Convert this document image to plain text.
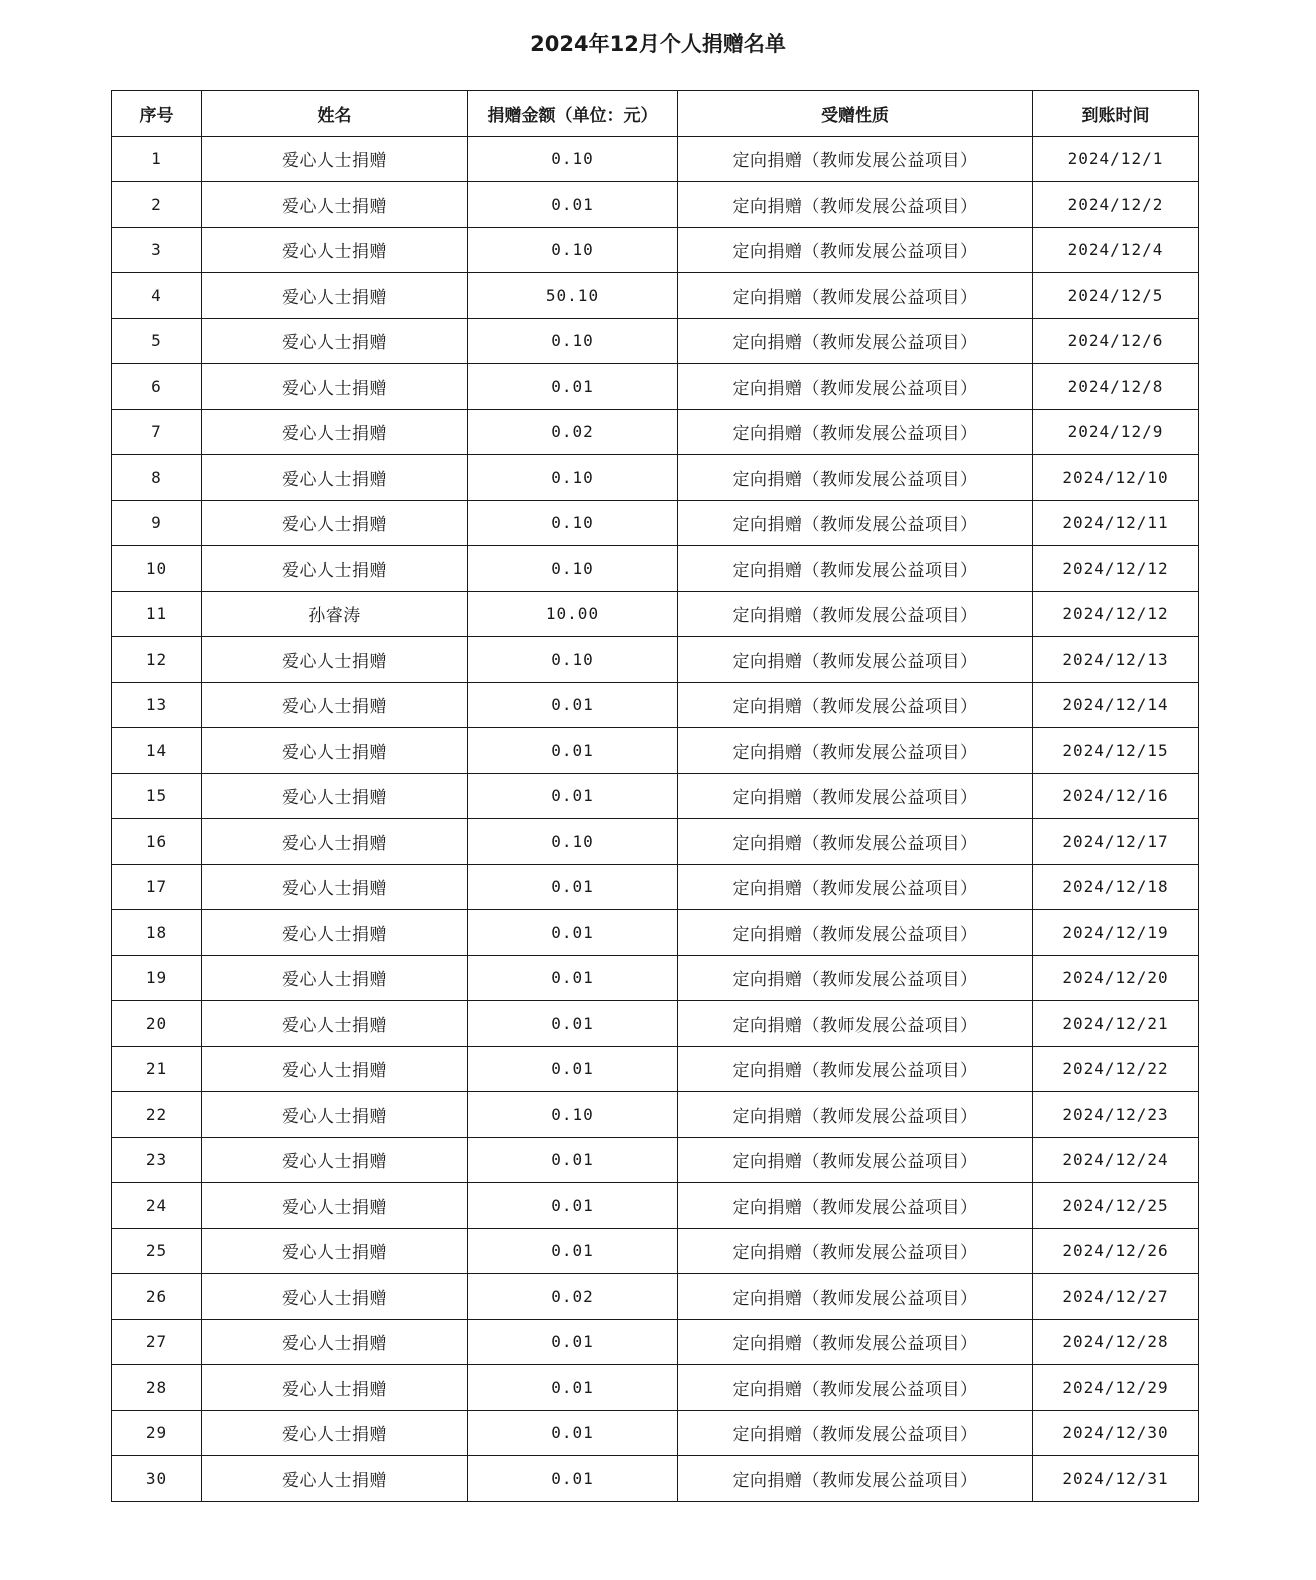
2024年12月个人捐赠名单
序号	姓名	捐赠金额（单位：元）	受赠性质	到账时间
1	爱心人士捐赠	0.10	定向捐赠（教师发展公益项目）	2024/12/1
2	爱心人士捐赠	0.01	定向捐赠（教师发展公益项目）	2024/12/2
3	爱心人士捐赠	0.10	定向捐赠（教师发展公益项目）	2024/12/4
4	爱心人士捐赠	50.10	定向捐赠（教师发展公益项目）	2024/12/5
5	爱心人士捐赠	0.10	定向捐赠（教师发展公益项目）	2024/12/6
6	爱心人士捐赠	0.01	定向捐赠（教师发展公益项目）	2024/12/8
7	爱心人士捐赠	0.02	定向捐赠（教师发展公益项目）	2024/12/9
8	爱心人士捐赠	0.10	定向捐赠（教师发展公益项目）	2024/12/10
9	爱心人士捐赠	0.10	定向捐赠（教师发展公益项目）	2024/12/11
10	爱心人士捐赠	0.10	定向捐赠（教师发展公益项目）	2024/12/12
11	孙睿涛	10.00	定向捐赠（教师发展公益项目）	2024/12/12
12	爱心人士捐赠	0.10	定向捐赠（教师发展公益项目）	2024/12/13
13	爱心人士捐赠	0.01	定向捐赠（教师发展公益项目）	2024/12/14
14	爱心人士捐赠	0.01	定向捐赠（教师发展公益项目）	2024/12/15
15	爱心人士捐赠	0.01	定向捐赠（教师发展公益项目）	2024/12/16
16	爱心人士捐赠	0.10	定向捐赠（教师发展公益项目）	2024/12/17
17	爱心人士捐赠	0.01	定向捐赠（教师发展公益项目）	2024/12/18
18	爱心人士捐赠	0.01	定向捐赠（教师发展公益项目）	2024/12/19
19	爱心人士捐赠	0.01	定向捐赠（教师发展公益项目）	2024/12/20
20	爱心人士捐赠	0.01	定向捐赠（教师发展公益项目）	2024/12/21
21	爱心人士捐赠	0.01	定向捐赠（教师发展公益项目）	2024/12/22
22	爱心人士捐赠	0.10	定向捐赠（教师发展公益项目）	2024/12/23
23	爱心人士捐赠	0.01	定向捐赠（教师发展公益项目）	2024/12/24
24	爱心人士捐赠	0.01	定向捐赠（教师发展公益项目）	2024/12/25
25	爱心人士捐赠	0.01	定向捐赠（教师发展公益项目）	2024/12/26
26	爱心人士捐赠	0.02	定向捐赠（教师发展公益项目）	2024/12/27
27	爱心人士捐赠	0.01	定向捐赠（教师发展公益项目）	2024/12/28
28	爱心人士捐赠	0.01	定向捐赠（教师发展公益项目）	2024/12/29
29	爱心人士捐赠	0.01	定向捐赠（教师发展公益项目）	2024/12/30
30	爱心人士捐赠	0.01	定向捐赠（教师发展公益项目）	2024/12/31
